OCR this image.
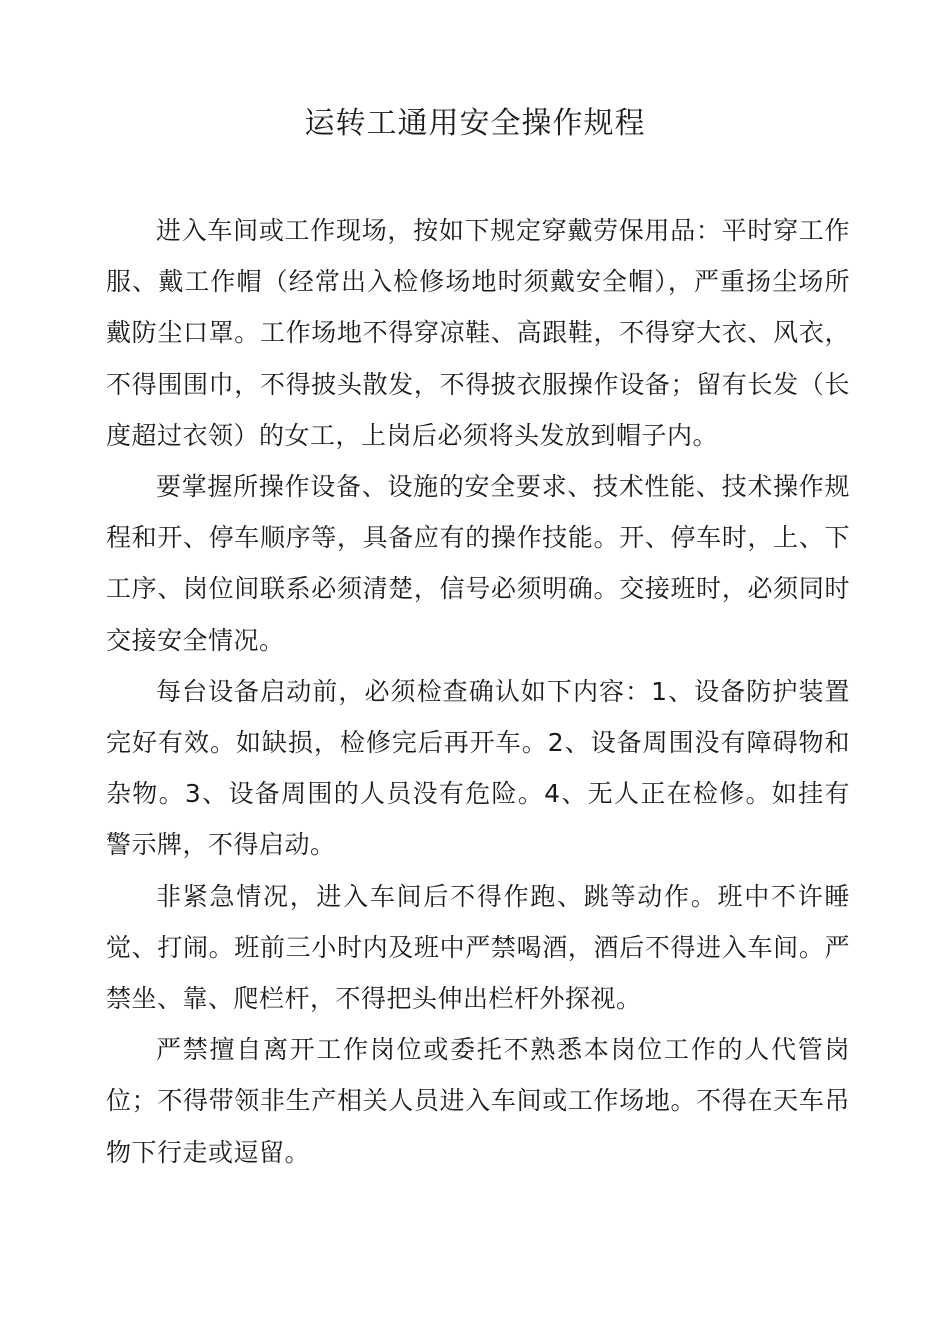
运转工通用安全操作规程

进入车间或工作现场，按如下规定穿戴劳保用品：平时穿工作服、戴工作帽（经常出入检修场地时须戴安全帽），严重扬尘场所戴防尘口罩。工作场地不得穿凉鞋、高跟鞋，不得穿大衣、风衣，不得围围巾，不得披头散发，不得披衣服操作设备；留有长发（长度超过衣领）的女工，上岗后必须将头发放到帽子内。

要掌握所操作设备、设施的安全要求、技术性能、技术操作规程和开、停车顺序等，具备应有的操作技能。开、停车时，上、下工序、岗位间联系必须清楚，信号必须明确。交接班时，必须同时交接安全情况。

每台设备启动前，必须检查确认如下内容：1、设备防护装置完好有效。如缺损，检修完后再开车。2、设备周围没有障碍物和杂物。3、设备周围的人员没有危险。4、无人正在检修。如挂有警示牌，不得启动。

非紧急情况，进入车间后不得作跑、跳等动作。班中不许睡觉、打闹。班前三小时内及班中严禁喝酒，酒后不得进入车间。严禁坐、靠、爬栏杆，不得把头伸出栏杆外探视。

严禁擅自离开工作岗位或委托不熟悉本岗位工作的人代管岗位；不得带领非生产相关人员进入车间或工作场地。不得在天车吊物下行走或逗留。
